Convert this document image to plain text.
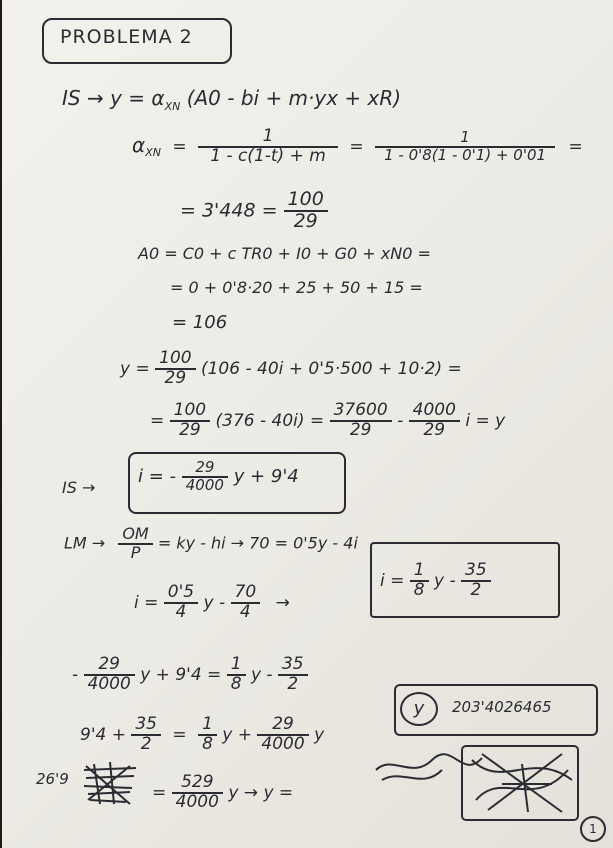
PROBLEMA 2
IS → $y = \alpha_{XN}$ (A0 - bi + m·yx + xR)
$\alpha_{XN} = \frac{1}{1 - c(1-t) + m} = \frac{1}{1 - 0'8(1 - 0'1) + 0'01}$ =
= $3'448 = \frac{100}{29}$
A0 = C0 + c TR0 + I0 + G0 + xN0 =
= 0 + 0'8·20 + 25 + 50 + 15 =
= 106
$y = \frac{100}{29} (106 - 40i + 0'5\cdot 500 + 10\cdot 2)$ =
= $\frac{100}{29} (376 - 40i) = \frac{37600}{29} - \frac{4000}{29}$ i = y
IS →
i = - $\frac{29}{4000}$ y + 9'4
LM → $\frac{OM}{P}$ = ky - hi → 70 = 0'5y - 4i
$i = \frac{0'5}{4}$ y - $\frac{70}{4}$ →
$i = \frac{1}{8}$ y - $\frac{35}{2}$
- $\frac{29}{4000}$ $y + 9'4 = \frac{1}{8}$ y - $\frac{35}{2}$
$9'4 + \frac{35}{2} = \frac{1}{8}$ $y + \frac{29}{4000}$ y
y	203'4026465
26'9
= $\frac{529}{4000}$ y → y =
1
